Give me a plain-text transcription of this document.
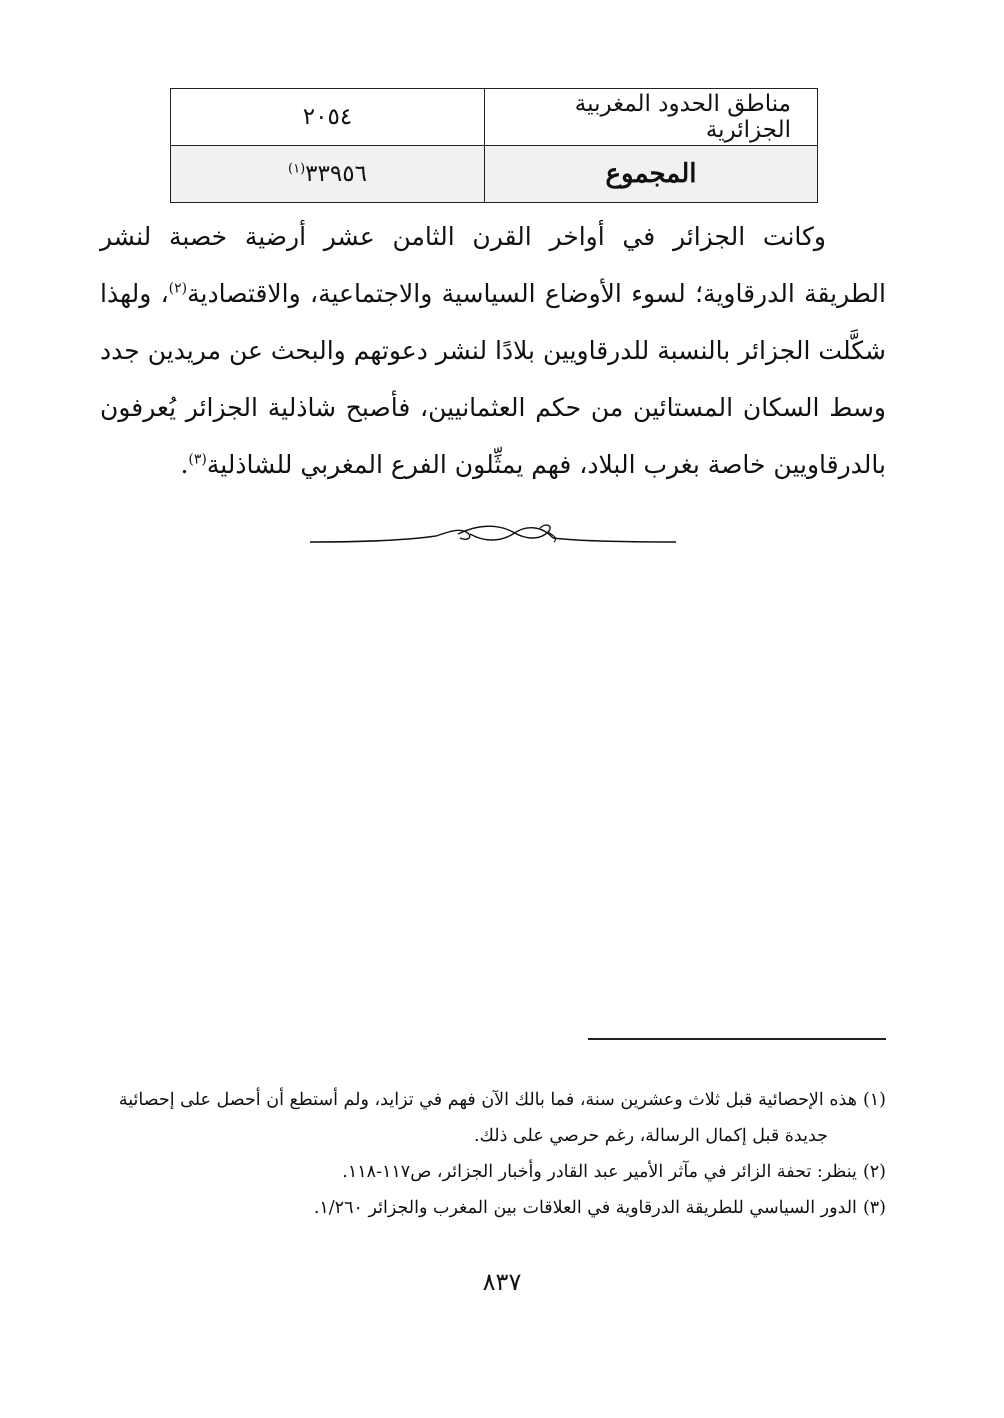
مناطق الحدود المغربية الجزائرية	٢٠٥٤
المجموع	٣٣٩٥٦$^{(١)}$

وكانت الجزائر في أواخر القرن الثامن عشر أرضية خصبة لنشر الطريقة الدرقاوية؛ لسوء الأوضاع السياسية والاجتماعية، والاقتصادية$^{(٢)}$، ولهذا شكَّلت الجزائر بالنسبة للدرقاويين بلادًا لنشر دعوتهم والبحث عن مريدين جدد وسط السكان المستائين من حكم العثمانيين، فأصبح شاذلية الجزائر يُعرفون بالدرقاويين خاصة بغرب البلاد، فهم يمثِّلون الفرع المغربي للشاذلية$^{(٣)}$.

(١)هذه الإحصائية قبل ثلاث وعشرين سنة، فما بالك الآن فهم في تزايد، ولم أستطع أن أحصل على إحصائية
جديدة قبل إكمال الرسالة، رغم حرصي على ذلك.
(٢)ينظر: تحفة الزائر في مآثر الأمير عبد القادر وأخبار الجزائر، ص١١٧-١١٨.
(٣)الدور السياسي للطريقة الدرقاوية في العلاقات بين المغرب والجزائر ١/٢٦٠.
٨٣٧
